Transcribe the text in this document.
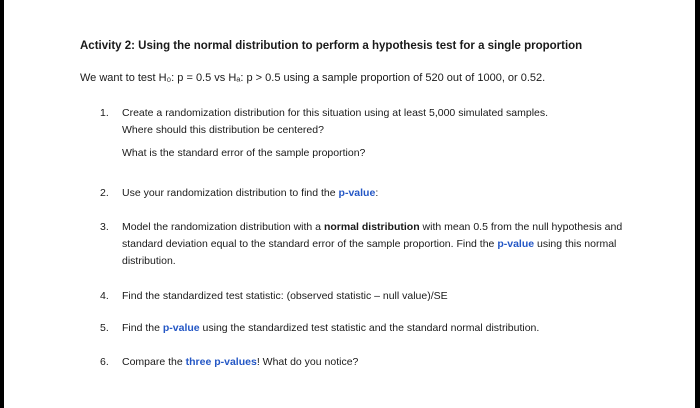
Activity 2: Using the normal distribution to perform a hypothesis test for a single proportion
We want to test H₀: p = 0.5 vs Hₐ: p > 0.5 using a sample proportion of 520 out of 1000, or 0.52.
1.	Create a randomization distribution for this situation using at least 5,000 simulated samples.
Where should this distribution be centered?
What is the standard error of the sample proportion?
2.	Use your randomization distribution to find the p-value:
3.	Model the randomization distribution with a normal distribution with mean 0.5 from the null hypothesis and standard deviation equal to the standard error of the sample proportion. Find the p-value using this normal distribution.
4.	Find the standardized test statistic: (observed statistic – null value)/SE
5.	Find the p-value using the standardized test statistic and the standard normal distribution.
6.	Compare the three p-values! What do you notice?
